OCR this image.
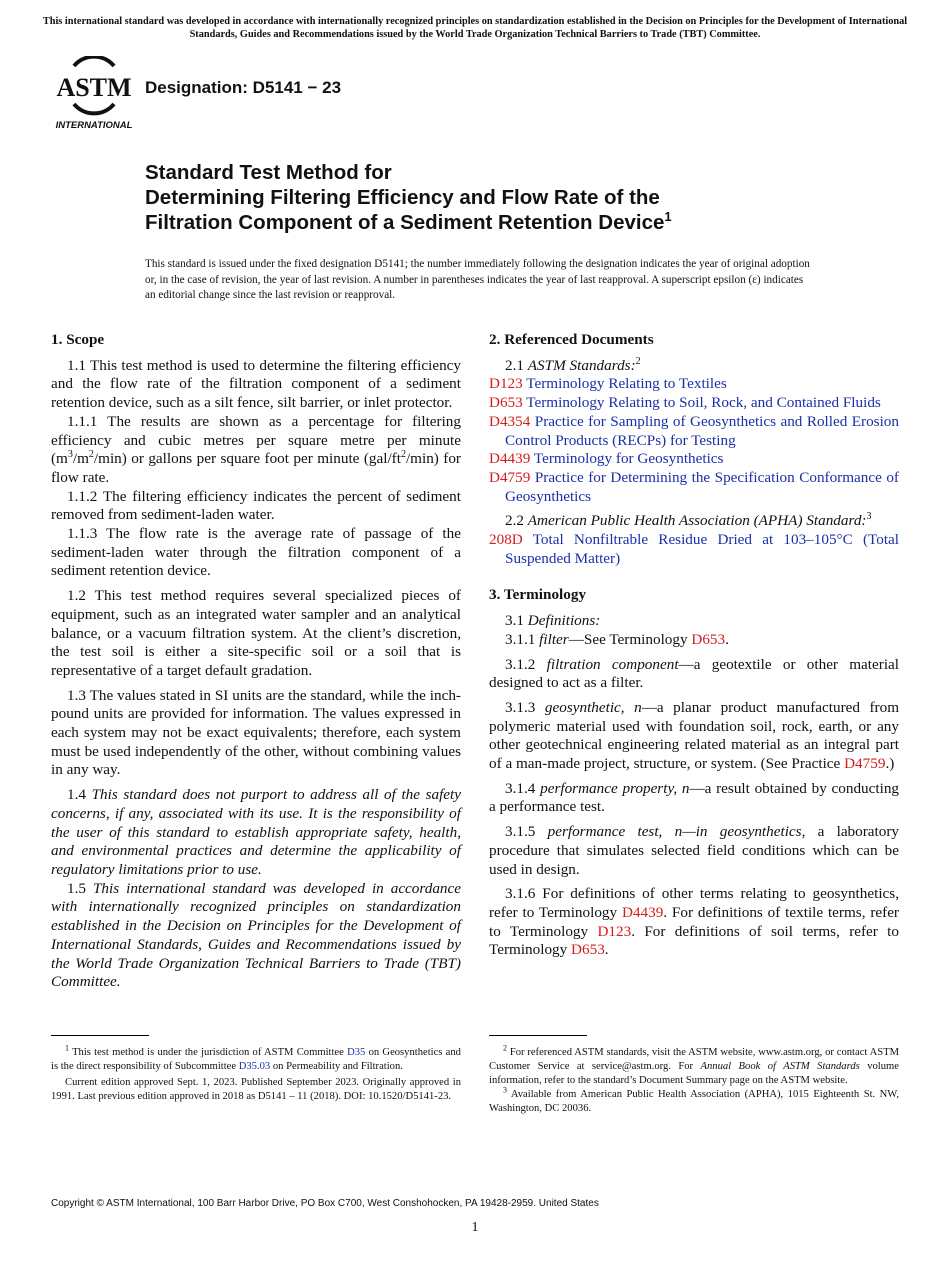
This international standard was developed in accordance with internationally recognized principles on standardization established in the Decision on Principles for the Development of International Standards, Guides and Recommendations issued by the World Trade Organization Technical Barriers to Trade (TBT) Committee.
ASTM
INTERNATIONAL
Designation: D5141 − 23
Standard Test Method for
Determining Filtering Efficiency and Flow Rate of the
Filtration Component of a Sediment Retention Device$^1$
This standard is issued under the fixed designation D5141; the number immediately following the designation indicates the year of original adoption or, in the case of revision, the year of last revision. A number in parentheses indicates the year of last reapproval. A superscript epsilon (ε) indicates an editorial change since the last revision or reapproval.

1. Scope

1.1 This test method is used to determine the filtering efficiency and the flow rate of the filtration component of a sediment retention device, such as a silt fence, silt barrier, or inlet protector.

1.1.1 The results are shown as a percentage for filtering efficiency and cubic metres per square metre per minute $(m^3/m^2/\min)$ or gallons per square foot per minute $(gal/ft^2/\min)$ for flow rate.

1.1.2 The filtering efficiency indicates the percent of sediment removed from sediment-laden water.

1.1.3 The flow rate is the average rate of passage of the sediment-laden water through the filtration component of a sediment retention device.

1.2 This test method requires several specialized pieces of equipment, such as an integrated water sampler and an analytical balance, or a vacuum filtration system. At the client’s discretion, the test soil is either a site-specific soil or a soil that is representative of a target default gradation.

1.3 The values stated in SI units are the standard, while the inch-pound units are provided for information. The values expressed in each system may not be exact equivalents; therefore, each system must be used independently of the other, without combining values in any way.

1.4 This standard does not purport to address all of the safety concerns, if any, associated with its use. It is the responsibility of the user of this standard to establish appropriate safety, health, and environmental practices and determine the applicability of regulatory limitations prior to use.

1.5 This international standard was developed in accordance with internationally recognized principles on standardization established in the Decision on Principles for the Development of International Standards, Guides and Recommendations issued by the World Trade Organization Technical Barriers to Trade (TBT) Committee.

2. Referenced Documents

2.1 ASTM Standards:$^2$

D123 Terminology Relating to Textiles

D653 Terminology Relating to Soil, Rock, and Contained Fluids

D4354 Practice for Sampling of Geosynthetics and Rolled Erosion Control Products (RECPs) for Testing

D4439 Terminology for Geosynthetics

D4759 Practice for Determining the Specification Conformance of Geosynthetics

2.2 American Public Health Association (APHA) Standard:$^3$

208D Total Nonfiltrable Residue Dried at 103–105°C (Total Suspended Matter)

3. Terminology

3.1 Definitions:

3.1.1 filter—See Terminology D653.

3.1.2 filtration component—a geotextile or other material designed to act as a filter.

3.1.3 geosynthetic, n—a planar product manufactured from polymeric material used with foundation soil, rock, earth, or any other geotechnical engineering related material as an integral part of a man-made project, structure, or system. (See Practice D4759.)

3.1.4 performance property, n—a result obtained by conducting a performance test.

3.1.5 performance test, n—in geosynthetics, a laboratory procedure that simulates selected field conditions which can be used in design.

3.1.6 For definitions of other terms relating to geosynthetics, refer to Terminology D4439. For definitions of textile terms, refer to Terminology D123. For definitions of soil terms, refer to Terminology D653.

$^1$ This test method is under the jurisdiction of ASTM Committee D35 on Geosynthetics and is the direct responsibility of Subcommittee D35.03 on Permeability and Filtration.

Current edition approved Sept. 1, 2023. Published September 2023. Originally approved in 1991. Last previous edition approved in 2018 as D5141 – 11 (2018). DOI: 10.1520/D5141-23.

$^2$ For referenced ASTM standards, visit the ASTM website, www.astm.org, or contact ASTM Customer Service at service@astm.org. For Annual Book of ASTM Standards volume information, refer to the standard’s Document Summary page on the ASTM website.

$^3$ Available from American Public Health Association (APHA), 1015 Eighteenth St. NW, Washington, DC 20036.

Copyright © ASTM International, 100 Barr Harbor Drive, PO Box C700, West Conshohocken, PA 19428-2959. United States
1
